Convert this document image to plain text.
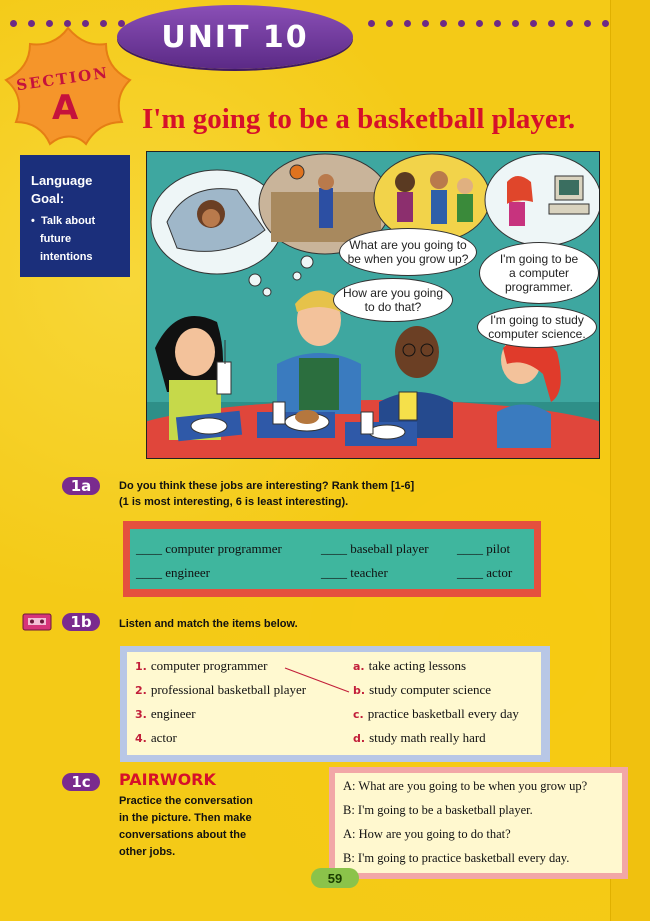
UNIT 10
SECTION
A I'm going to be a basketball player.
Language
Goal:
• Talk about
future
intentions
What are you going to
be when you grow up?	I'm going to be
a computer
programmer.
How are you going
to do that?
I'm going to study
computer science.
1a	Do you think these jobs are interesting? Rank them [1-6]
(1 is most interesting, 6 is least interesting).
____ computer programmer	____ baseball player ____ pilot
____ engineer	____ teacher	____ actor
1b	Listen and match the items below.
1. computer programmer
2. professional basketball player
3. engineer
4. actor
a. take acting lessons
b. study computer science
c. practice basketball every day
d. study math really hard
1c	PAIRWORK
Practice the conversation
in the picture. Then make
conversations about the
other jobs.
A: What are you going to be when you grow up?
B: I'm going to be a basketball player.
A: How are you going to do that?
B: I'm going to practice basketball every day.
59
